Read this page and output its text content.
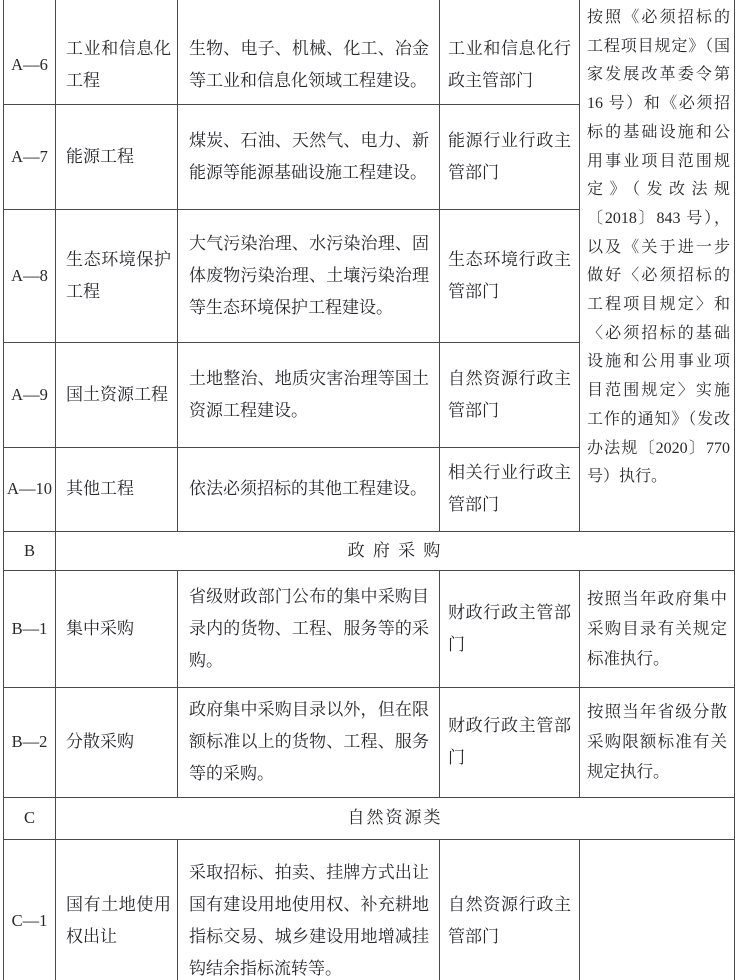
A—6	工业和信息化工程	生物、电子、机械、化工、冶金等工业和信息化领域工程建设。	工业和信息化行政主管部门	按照《必须招标的工程项目规定》（国家发展改革委令第 16 号）和《必须招标的基础设施和公用事业项目范围规定》（发改法规〔2018〕843 号），以及《关于进一步做好〈必须招标的工程项目规定〉和〈必须招标的基础设施和公用事业项目范围规定〉实施工作的通知》（发改办法规〔2020〕770 号）执行。

A—7	能源工程	煤炭、石油、天然气、电力、新能源等能源基础设施工程建设。	能源行业行政主管部门	
A—8	生态环境保护工程	大气污染治理、水污染治理、固体废物污染治理、土壤污染治理等生态环境保护工程建设。	生态环境行政主管部门	
A—9	国土资源工程	土地整治、地质灾害治理等国土资源工程建设。	自然资源行政主管部门	
A—10	其他工程	依法必须招标的其他工程建设。	相关行业行政主管部门	
B	政 府 采 购			
B—1	集中采购	省级财政部门公布的集中采购目录内的货物、工程、服务等的采购。	财政行政主管部门	按照当年政府集中采购目录有关规定标准执行。
B—2	分散采购	政府集中采购目录以外，但在限额标准以上的货物、工程、服务等的采购。	财政行政主管部门	按照当年省级分散采购限额标准有关规定执行。
C	自然资源类			
C—1	国有土地使用权出让	采取招标、拍卖、挂牌方式出让国有建设用地使用权、补充耕地指标交易、城乡建设用地增减挂钩结余指标流转等。	自然资源行政主管部门	
